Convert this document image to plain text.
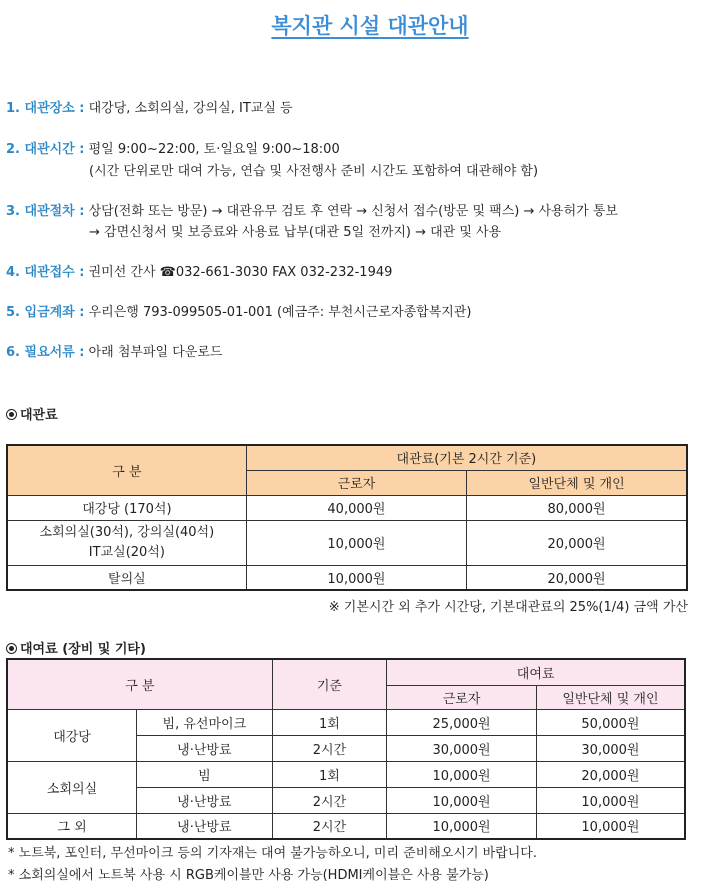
복지관 시설 대관안내
1. 대관장소 : 대강당, 소회의실, 강의실, IT교실 등
2. 대관시간 : 평일 9:00~22:00, 토·일요일 9:00~18:00
(시간 단위로만 대여 가능, 연습 및 사전행사 준비 시간도 포함하여 대관해야 함)
3. 대관절차 : 상담(전화 또는 방문) → 대관유무 검토 후 연락 → 신청서 접수(방문 및 팩스) → 사용허가 통보
→ 감면신청서 및 보증료와 사용료 납부(대관 5일 전까지) → 대관 및 사용
4. 대관접수 : 권미선 간사 ☎032-661-3030 FAX 032-232-1949
5. 입금계좌 : 우리은행 793-099505-01-001 (예금주: 부천시근로자종합복지관)
6. 필요서류 : 아래 첨부파일 다운로드
대관료
구 분	대관료(기본 2시간 기준)	
	근로자	일반단체 및 개인
대강당 (170석)	40,000원	80,000원

소회의실(30석), 강의실(40석)
IT교실(20석)	10,000원	20,000원
탈의실	10,000원	20,000원
※ 기본시간 외 추가 시간당, 기본대관료의 25%(1/4) 금액 가산
대여료 (장비 및 기타)
구 분		기준	대여료	
			근로자	일반단체 및 개인
대강당	빔, 유선마이크	1회	25,000원	50,000원
	냉·난방료	2시간	30,000원	30,000원
소회의실	빔	1회	10,000원	20,000원
	냉·난방료	2시간	10,000원	10,000원
그 외	냉·난방료	2시간	10,000원	10,000원
* 노트북, 포인터, 무선마이크 등의 기자재는 대여 불가능하오니, 미리 준비해오시기 바랍니다.
* 소회의실에서 노트북 사용 시 RGB케이블만 사용 가능(HDMI케이블은 사용 불가능)
